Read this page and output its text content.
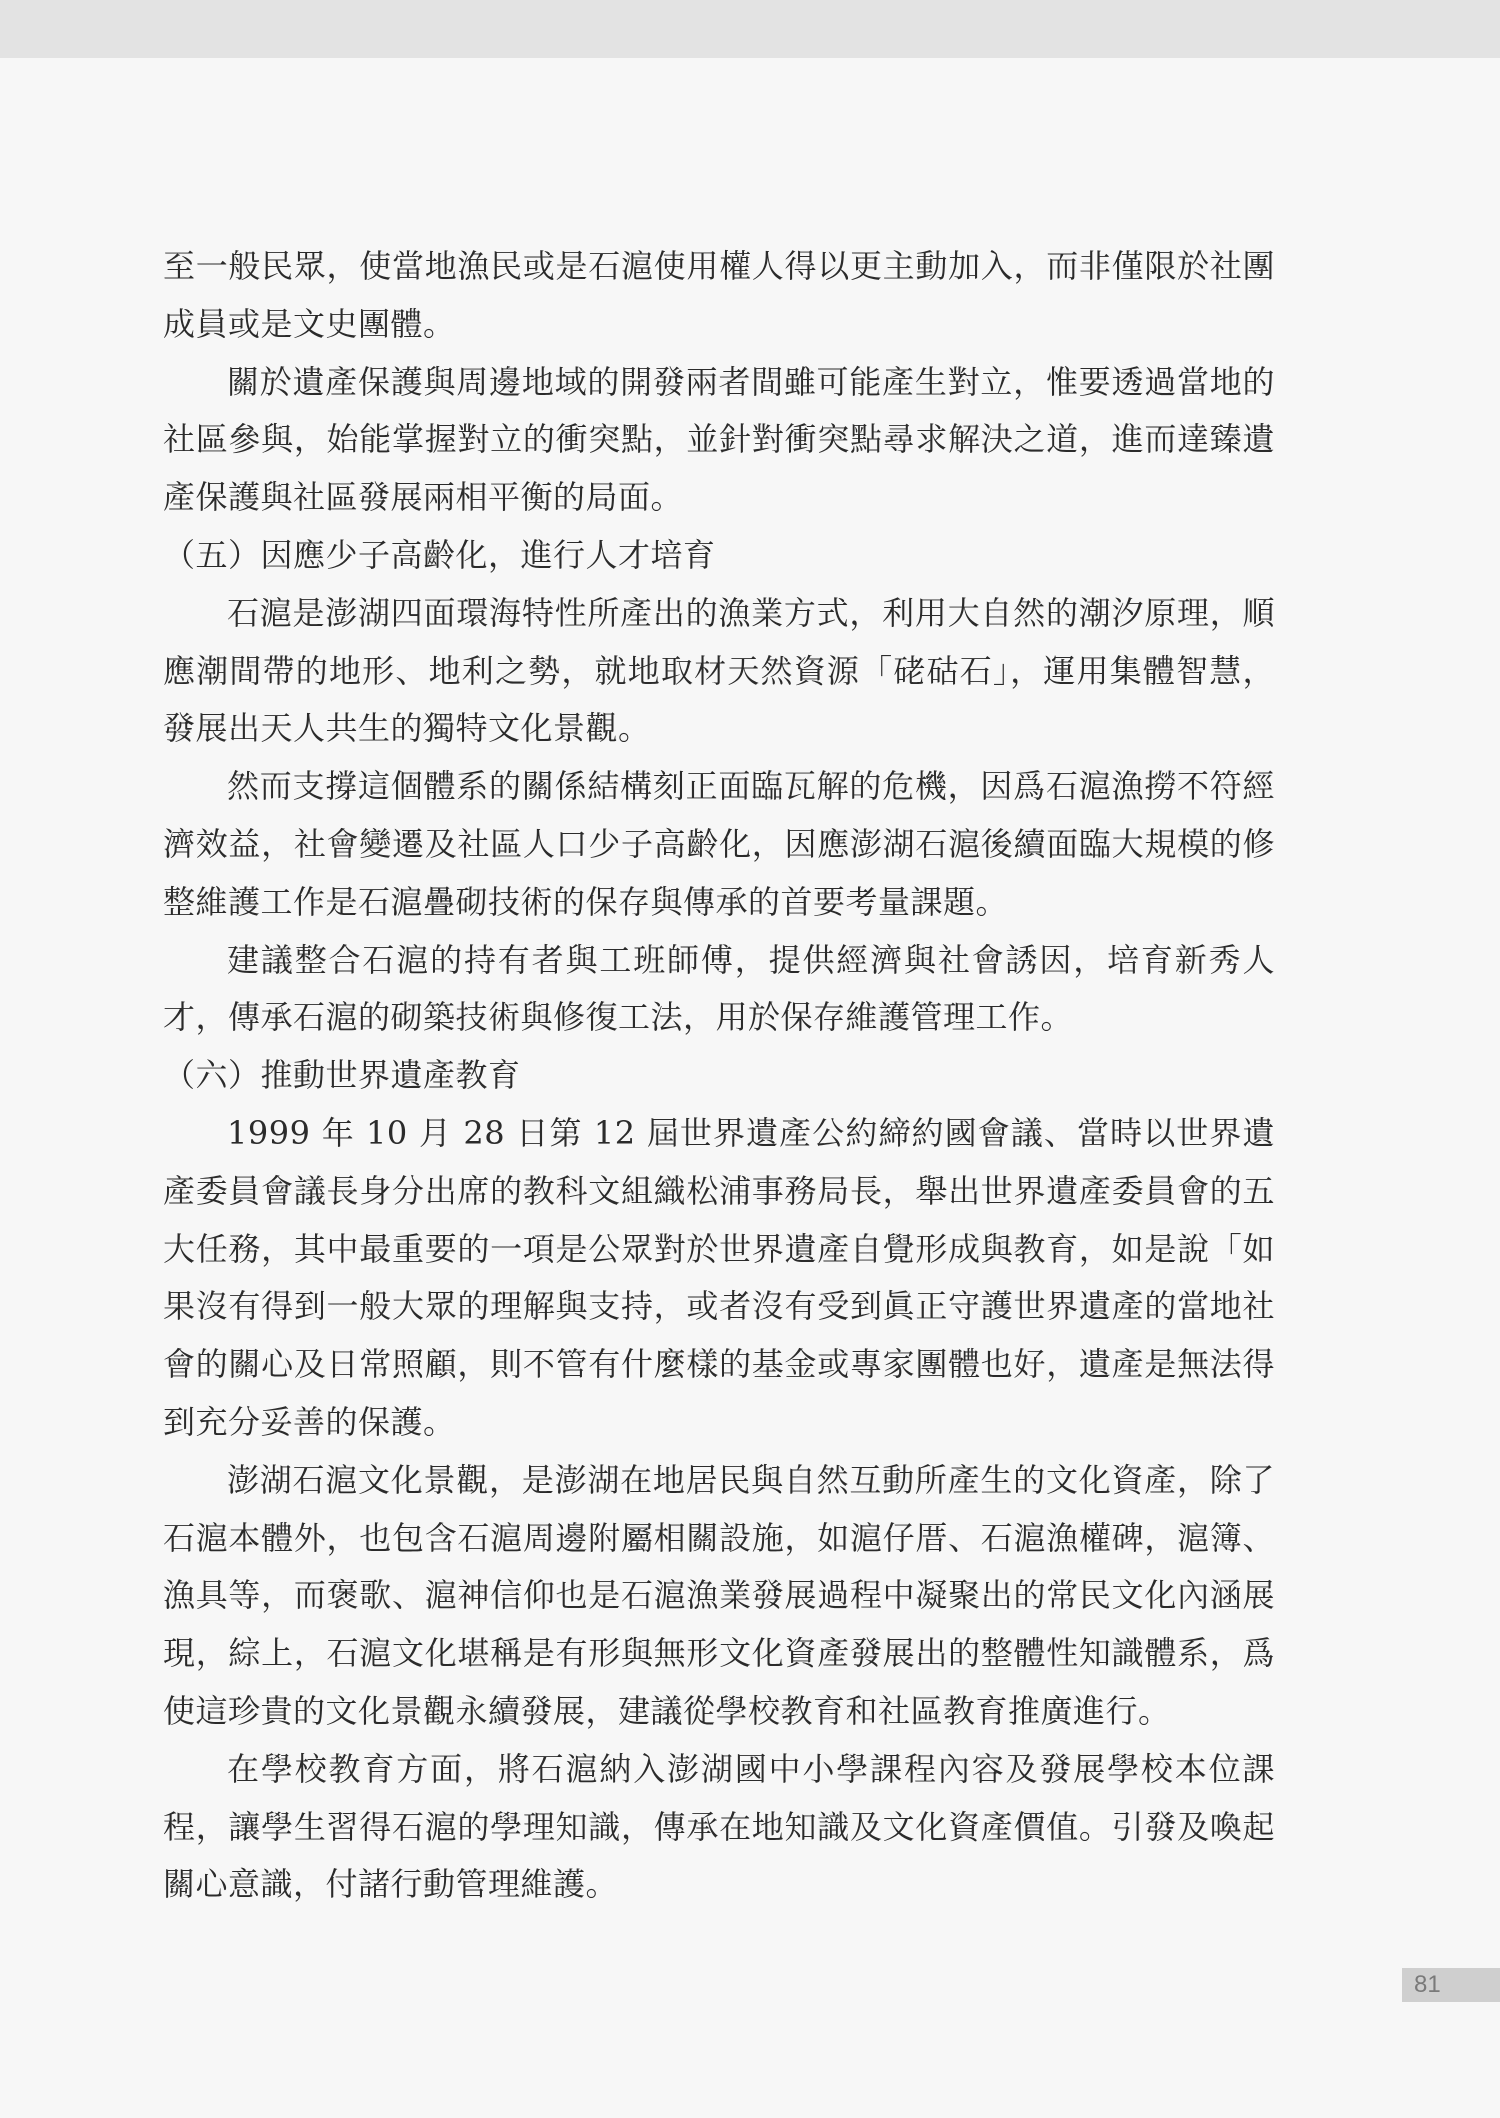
至一般民眾，使當地漁民或是石滬使用權人得以更主動加入，而非僅限於社團成員或是文史團體。

關於遺產保護與周邊地域的開發兩者間雖可能產生對立，惟要透過當地的社區參與，始能掌握對立的衝突點，並針對衝突點尋求解決之道，進而達臻遺產保護與社區發展兩相平衡的局面。

（五）因應少子高齡化，進行人才培育

石滬是澎湖四面環海特性所產出的漁業方式，利用大自然的潮汐原理，順應潮間帶的地形、地利之勢，就地取材天然資源「硓𥑮石」，運用集體智慧，發展出天人共生的獨特文化景觀。

然而支撐這個體系的關係結構刻正面臨瓦解的危機，因爲石滬漁撈不符經濟效益，社會變遷及社區人口少子高齡化，因應澎湖石滬後續面臨大規模的修整維護工作是石滬疊砌技術的保存與傳承的首要考量課題。

建議整合石滬的持有者與工班師傅，提供經濟與社會誘因，培育新秀人才，傳承石滬的砌築技術與修復工法，用於保存維護管理工作。

（六）推動世界遺產教育

1999 年 10 月 28 日第 12 屆世界遺產公約締約國會議、當時以世界遺產委員會議長身分出席的教科文組織松浦事務局長，舉出世界遺產委員會的五大任務，其中最重要的一項是公眾對於世界遺產自覺形成與教育，如是說「如果沒有得到一般大眾的理解與支持，或者沒有受到眞正守護世界遺產的當地社會的關心及日常照顧，則不管有什麼樣的基金或專家團體也好，遺產是無法得到充分妥善的保護。

澎湖石滬文化景觀，是澎湖在地居民與自然互動所產生的文化資產，除了石滬本體外，也包含石滬周邊附屬相關設施，如滬仔厝、石滬漁權碑，滬簿、漁具等，而褒歌、滬神信仰也是石滬漁業發展過程中凝聚出的常民文化內涵展現，綜上，石滬文化堪稱是有形與無形文化資產發展出的整體性知識體系，爲使這珍貴的文化景觀永續發展，建議從學校教育和社區教育推廣進行。

在學校教育方面，將石滬納入澎湖國中小學課程內容及發展學校本位課程，讓學生習得石滬的學理知識，傳承在地知識及文化資產價值。引發及喚起關心意識，付諸行動管理維護。

81
